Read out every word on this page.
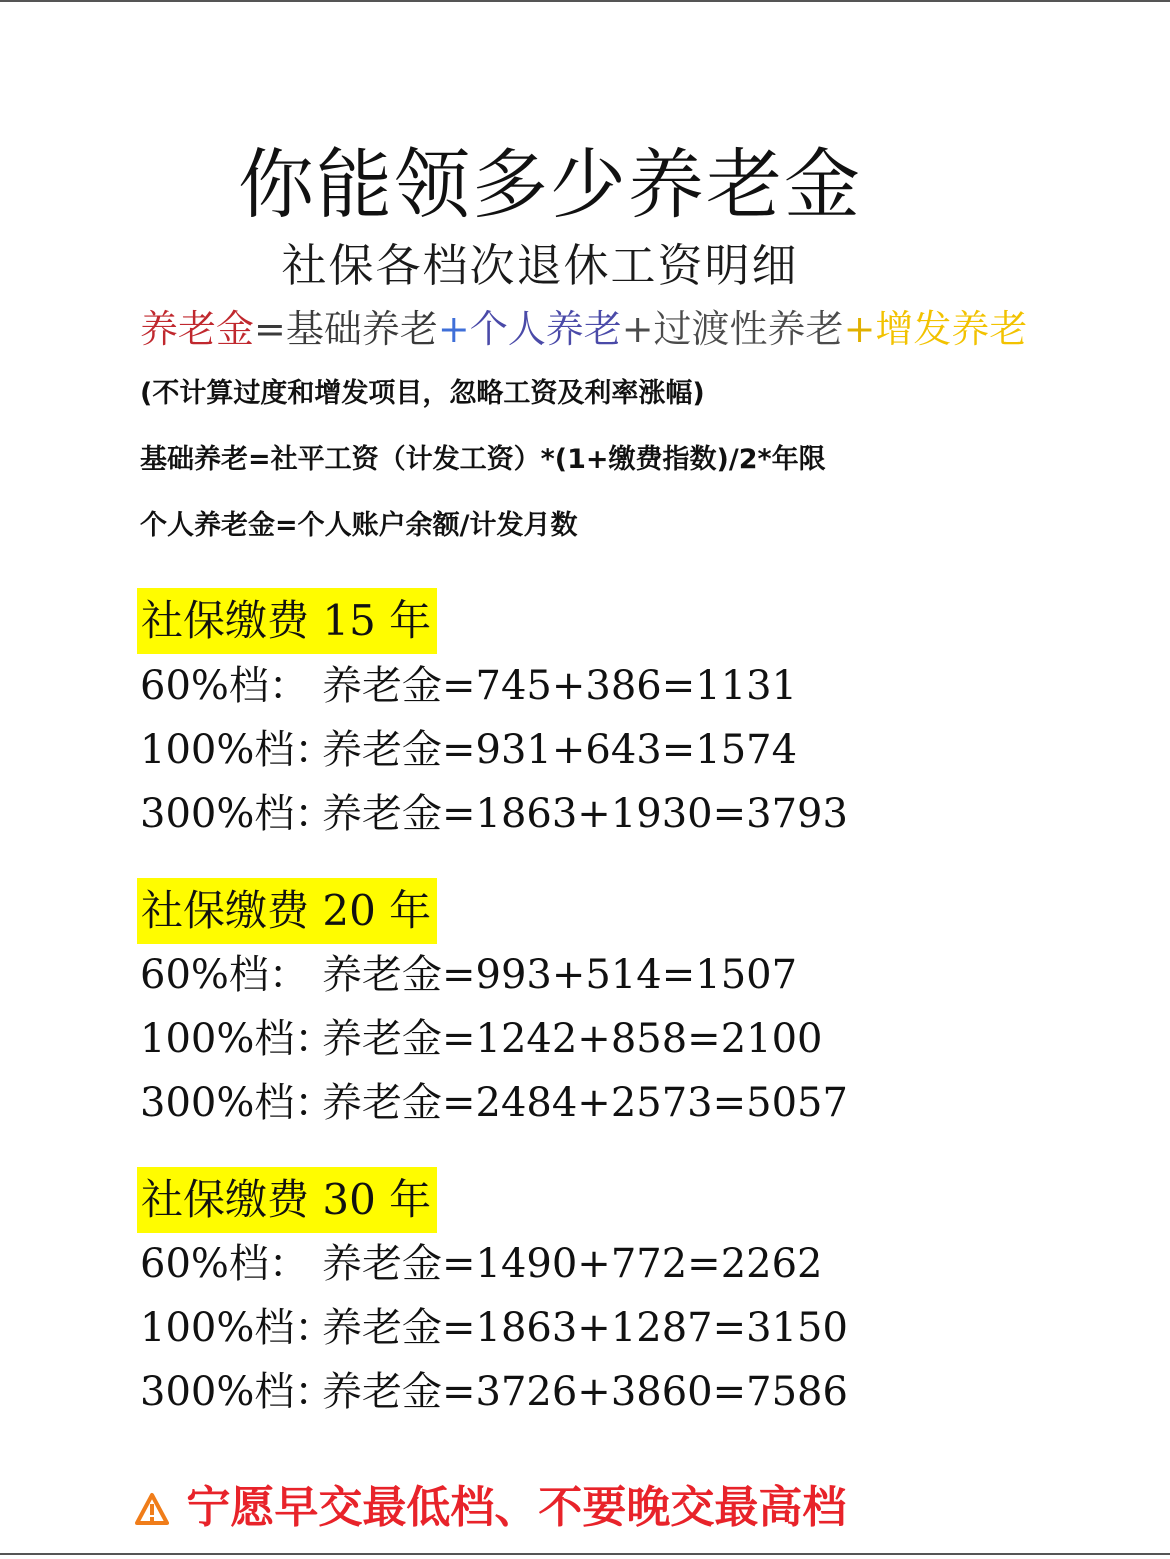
你能领多少养老金
社保各档次退休工资明细
养老金=基础养老+个人养老+过渡性养老+增发养老
(不计算过度和增发项目，忽略工资及利率涨幅)
基础养老=社平工资（计发工资）*(1+缴费指数)/2*年限
个人养老金=个人账户余额/计发月数
社保缴费 15 年
60%档： 养老金=745+386=1131
100%档：
养老金=931+643=1574
300%档：
养老金=1863+1930=3793
社保缴费 20 年
60%档： 养老金=993+514=1507
100%档：
养老金=1242+858=2100
300%档：
养老金=2484+2573=5057
社保缴费 30 年
60%档： 养老金=1490+772=2262
100%档：
养老金=1863+1287=3150
300%档：
养老金=3726+3860=7586
宁愿早交最低档、不要晚交最高档
